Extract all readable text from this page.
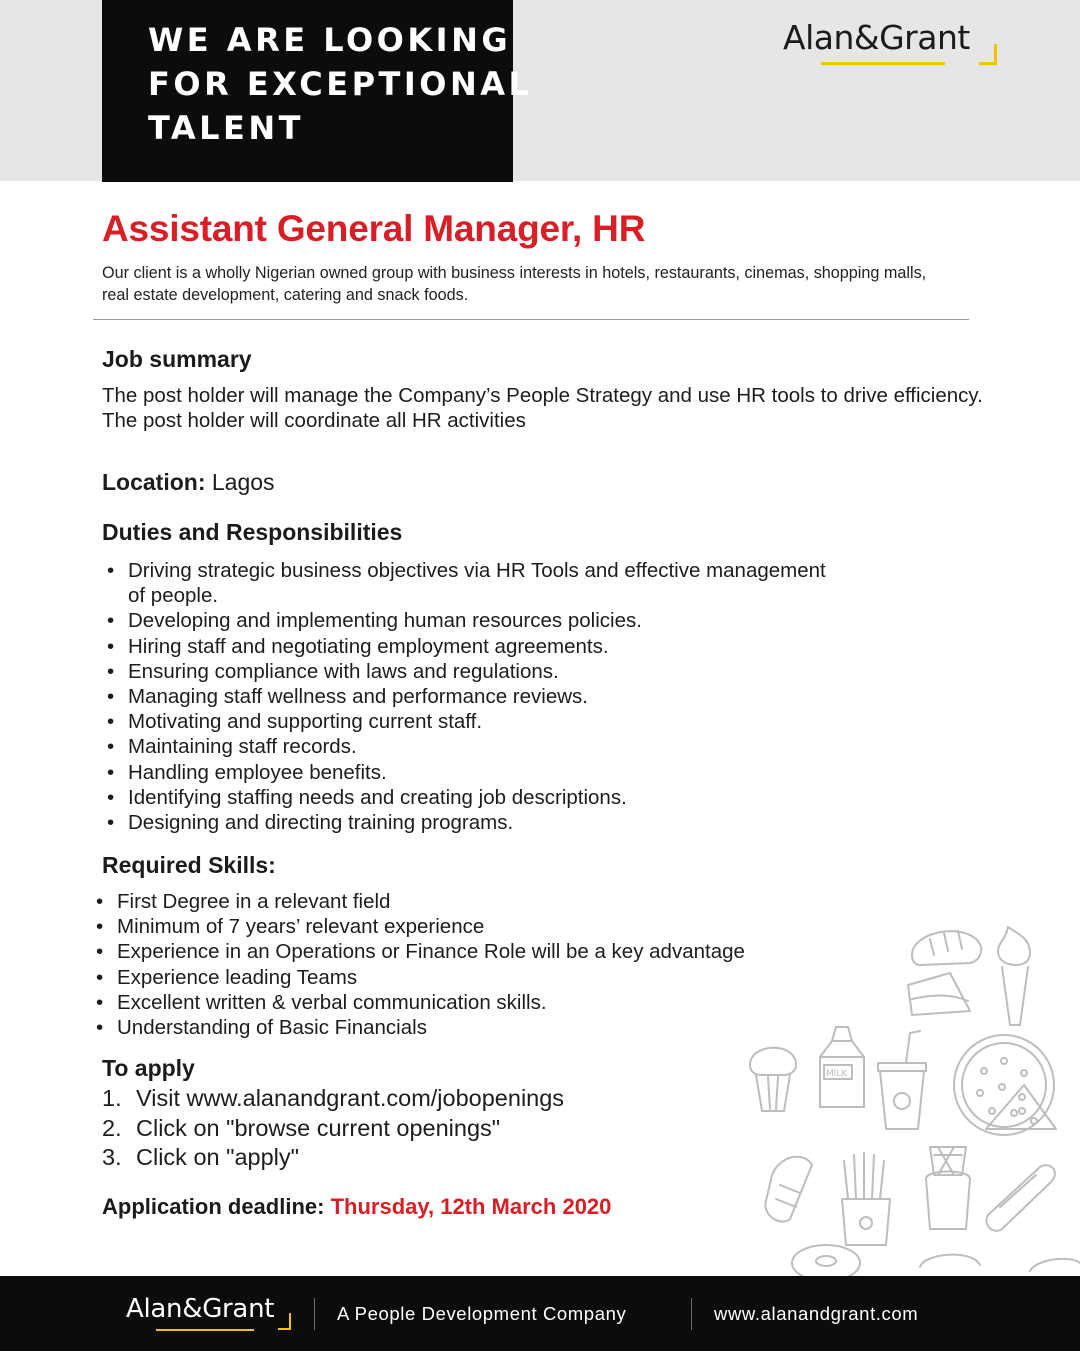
WE ARE LOOKING
FOR EXCEPTIONAL
TALENT
Alan&Grant
Assistant General Manager, HR

Our client is a wholly Nigerian owned group with business interests in hotels, restaurants, cinemas, shopping malls, real estate development, catering and snack foods.

Job summary

The post holder will manage the Company’s People Strategy and use HR tools to drive efficiency. The post holder will coordinate all HR activities

Location: Lagos
Duties and Responsibilities
• Driving strategic business objectives via HR Tools and effective management
of people.
• Developing and implementing human resources policies.
• Hiring staff and negotiating employment agreements.
• Ensuring compliance with laws and regulations.
• Managing staff wellness and performance reviews.
• Motivating and supporting current staff.
• Maintaining staff records.
• Handling employee benefits.
• Identifying staffing needs and creating job descriptions.
• Designing and directing training programs.
Required Skills:
• First Degree in a relevant field
• Minimum of 7 years’ relevant experience
• Experience in an Operations or Finance Role will be a key advantage
• Experience leading Teams
• Excellent written & verbal communication skills.
• Understanding of Basic Financials
To apply
1. Visit www.alanandgrant.com/jobopenings
2. Click on "browse current openings"
3. Click on "apply"
Application deadline: Thursday, 12th March 2020
MILK
Alan&Grant	A People Development Company	www.alanandgrant.com
